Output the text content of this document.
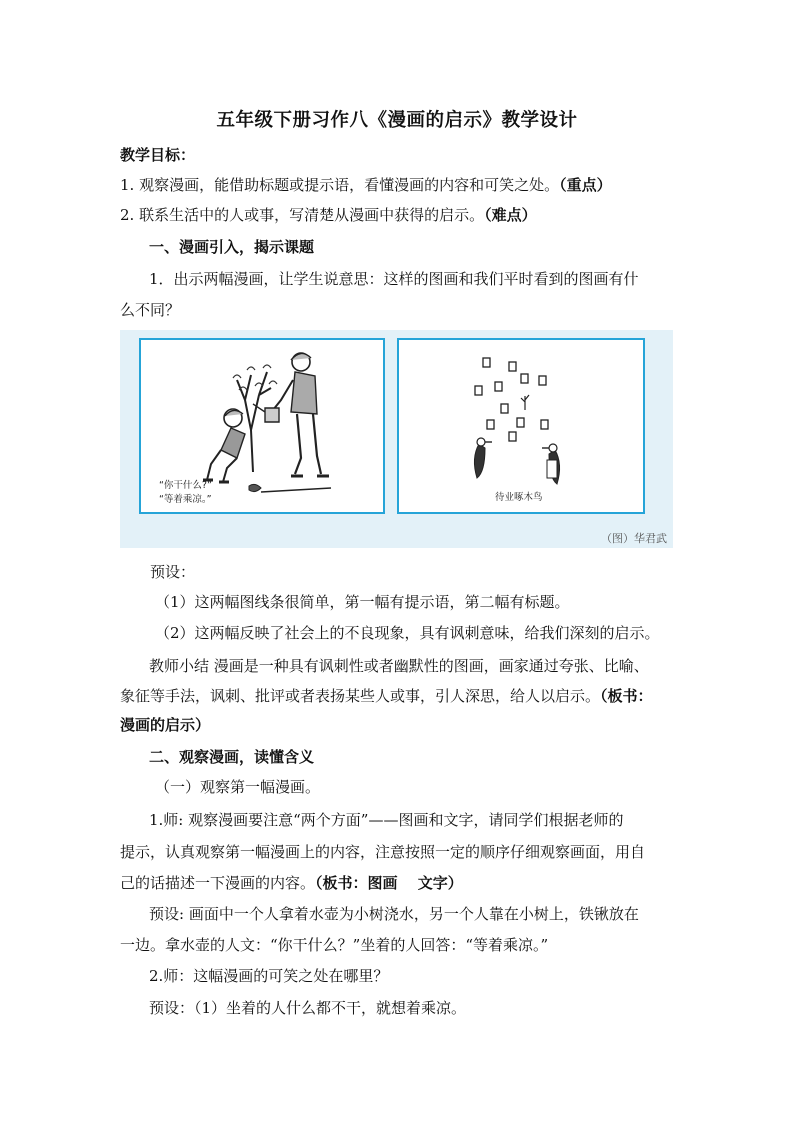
五年级下册习作八《漫画的启示》教学设计
教学目标：
1. 观察漫画，能借助标题或提示语，看懂漫画的内容和可笑之处。（重点）
2. 联系生活中的人或事，写清楚从漫画中获得的启示。（难点）
一、漫画引入，揭示课题
1．出示两幅漫画，让学生说意思：这样的图画和我们平时看到的图画有什
么不同？
“你干什么?”
“等着乘凉。”	待业啄木鸟
（图）华君武
预设：
（1）这两幅图线条很简单，第一幅有提示语，第二幅有标题。
（2）这两幅反映了社会上的不良现象，具有讽刺意味，给我们深刻的启示。
教师小结 漫画是一种具有讽刺性或者幽默性的图画，画家通过夸张、比喻、
象征等手法，讽刺、批评或者表扬某些人或事，引人深思，给人以启示。（板书：
漫画的启示）
二、观察漫画，读懂含义
（一）观察第一幅漫画。
1.师: 观察漫画要注意“两个方面”——图画和文字，请同学们根据老师的
提示，认真观察第一幅漫画上的内容，注意按照一定的顺序仔细观察画面，用自
己的话描述一下漫画的内容。（板书：图画　 文字）
预设: 画面中一个人拿着水壶为小树浇水，另一个人靠在小树上，铁锹放在
一边。拿水壶的人文：“你干什么？”坐着的人回答：“等着乘凉。”
2.师：这幅漫画的可笑之处在哪里？
预设：（1）坐着的人什么都不干，就想着乘凉。
